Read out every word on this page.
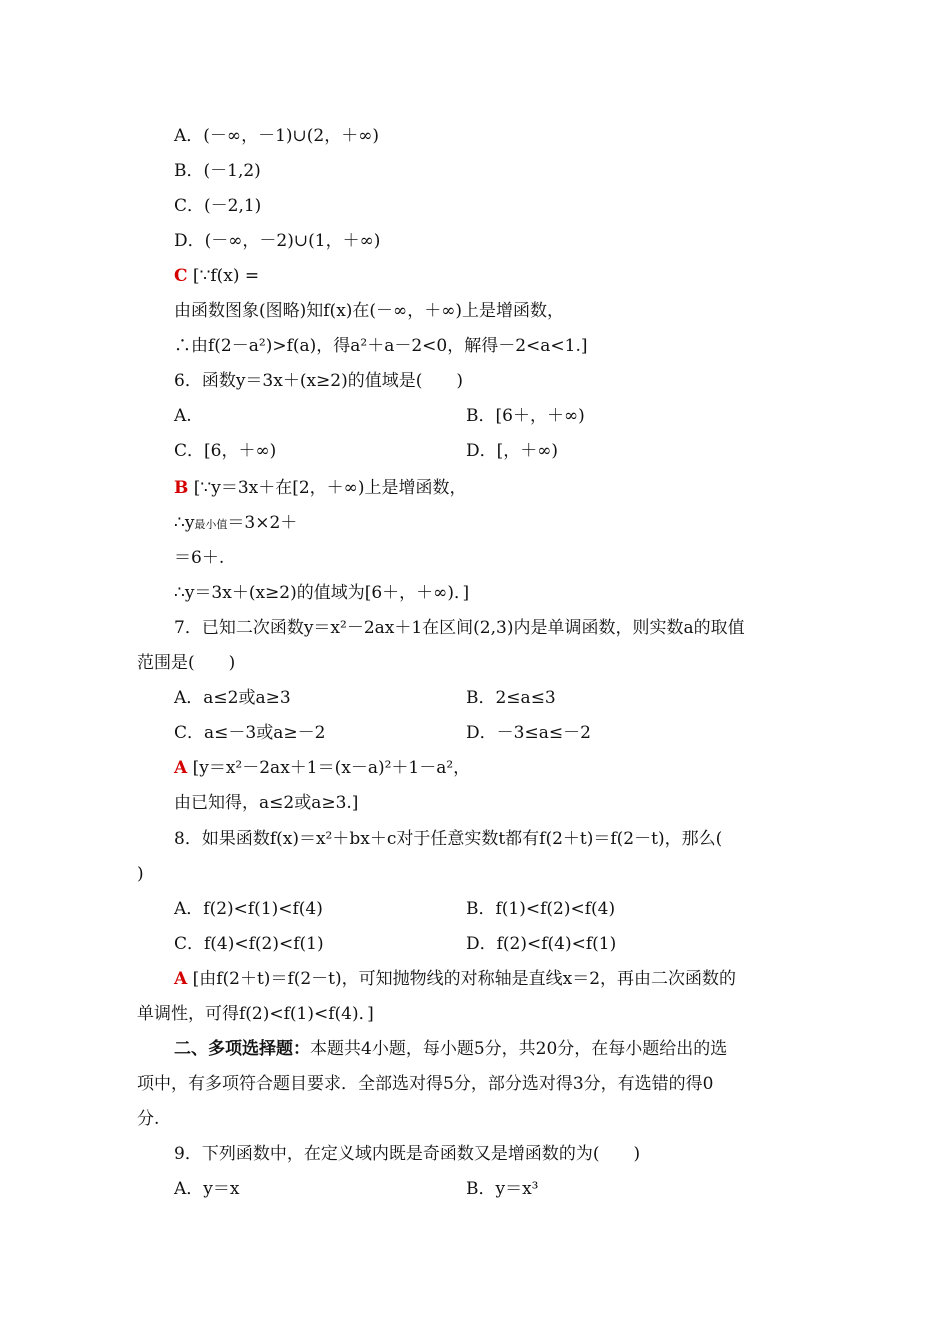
A．(－∞，－1)∪(2，＋∞)
B．(－1,2)
C．(－2,1)
D．(－∞，－2)∪(1，＋∞)
C [∵f(x) =
由函数图象(图略)知f(x)在(－∞，＋∞)上是增函数，
∴由f(2－a²)>f(a)，得a²＋a－2<0，解得－2<a<1.]
6．函数y＝3x＋(x≥2)的值域是(　　)
A.	B．[6＋，＋∞)
C．[6，＋∞)	D．[，＋∞)
B [∵y＝3x＋在[2，＋∞)上是增函数，
∴y最小值＝3×2＋
＝6＋.
∴y＝3x＋(x≥2)的值域为[6＋，＋∞)．]
7．已知二次函数y＝x²－2ax＋1在区间(2,3)内是单调函数，则实数a的取值
范围是(　　)
A．a≤2或a≥3	B．2≤a≤3
C．a≤－3或a≥－2	D．－3≤a≤－2
A [y＝x²－2ax＋1＝(x－a)²＋1－a²，
由已知得，a≤2或a≥3.]
8．如果函数f(x)＝x²＋bx＋c对于任意实数t都有f(2＋t)＝f(2－t)，那么(
)
A．f(2)<f(1)<f(4)	B．f(1)<f(2)<f(4)
C．f(4)<f(2)<f(1)	D．f(2)<f(4)<f(1)
A [由f(2＋t)＝f(2－t)，可知抛物线的对称轴是直线x＝2，再由二次函数的
单调性，可得f(2)<f(1)<f(4)．]
二、多项选择题：本题共4小题，每小题5分，共20分，在每小题给出的选
项中，有多项符合题目要求．全部选对得5分，部分选对得3分，有选错的得0
分.
9．下列函数中，在定义域内既是奇函数又是增函数的为(　　)
A．y＝x	B．y＝x³
